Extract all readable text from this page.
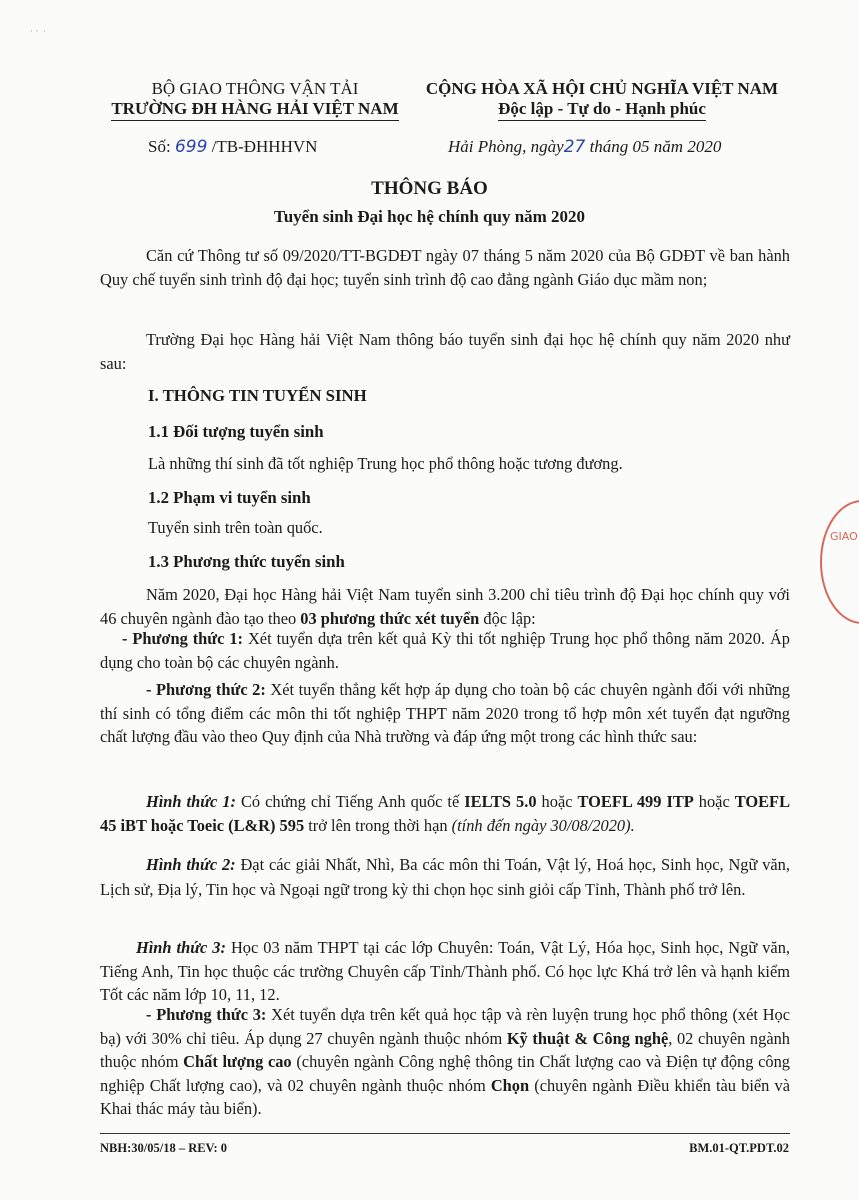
⋅ ⋅  ⋅
BỘ GIAO THÔNG VẬN TẢI
TRƯỜNG ĐH HÀNG HẢI VIỆT NAM
CỘNG HÒA XÃ HỘI CHỦ NGHĨA VIỆT NAM
Độc lập - Tự do - Hạnh phúc
Số: 699 /TB-ĐHHHVN	Hải Phòng, ngày27 tháng 05 năm 2020
THÔNG BÁO
Tuyển sinh Đại học hệ chính quy năm 2020

Căn cứ Thông tư số 09/2020/TT-BGDĐT ngày 07 tháng 5 năm 2020 của Bộ GDĐT về ban hành Quy chế tuyển sinh trình độ đại học; tuyển sinh trình độ cao đẳng ngành Giáo dục mầm non;

Trường Đại học Hàng hải Việt Nam thông báo tuyển sinh đại học hệ chính quy năm 2020 như sau:

I. THÔNG TIN TUYỂN SINH
1.1 Đối tượng tuyển sinh
Là những thí sinh đã tốt nghiệp Trung học phổ thông hoặc tương đương.
1.2 Phạm vi tuyển sinh
Tuyển sinh trên toàn quốc.
1.3 Phương thức tuyển sinh

Năm 2020, Đại học Hàng hải Việt Nam tuyển sinh 3.200 chỉ tiêu trình độ Đại học chính quy với 46 chuyên ngành đào tạo theo 03 phương thức xét tuyển độc lập:

- Phương thức 1: Xét tuyển dựa trên kết quả Kỳ thi tốt nghiệp Trung học phổ thông năm 2020. Áp dụng cho toàn bộ các chuyên ngành.

- Phương thức 2: Xét tuyển thẳng kết hợp áp dụng cho toàn bộ các chuyên ngành đối với những thí sinh có tổng điểm các môn thi tốt nghiệp THPT năm 2020 trong tổ hợp môn xét tuyển đạt ngưỡng chất lượng đầu vào theo Quy định của Nhà trường và đáp ứng một trong các hình thức sau:

Hình thức 1: Có chứng chỉ Tiếng Anh quốc tế IELTS 5.0 hoặc TOEFL 499 ITP hoặc TOEFL 45 iBT hoặc Toeic (L&R) 595 trở lên trong thời hạn (tính đến ngày 30/08/2020).

Hình thức 2: Đạt các giải Nhất, Nhì, Ba các môn thi Toán, Vật lý, Hoá học, Sinh học, Ngữ văn, Lịch sử, Địa lý, Tin học và Ngoại ngữ trong kỳ thi chọn học sinh giỏi cấp Tỉnh, Thành phố trở lên.

Hình thức 3: Học 03 năm THPT tại các lớp Chuyên: Toán, Vật Lý, Hóa học, Sinh học, Ngữ văn, Tiếng Anh, Tin học thuộc các trường Chuyên cấp Tỉnh/Thành phố. Có học lực Khá trở lên và hạnh kiểm Tốt các năm lớp 10, 11, 12.

- Phương thức 3: Xét tuyển dựa trên kết quả học tập và rèn luyện trung học phổ thông (xét Học bạ) với 30% chỉ tiêu. Áp dụng 27 chuyên ngành thuộc nhóm Kỹ thuật & Công nghệ, 02 chuyên ngành thuộc nhóm Chất lượng cao (chuyên ngành Công nghệ thông tin Chất lượng cao và Điện tự động công nghiệp Chất lượng cao), và 02 chuyên ngành thuộc nhóm Chọn (chuyên ngành Điều khiển tàu biển và Khai thác máy tàu biển).

NBH:30/05/18 – REV: 0	BM.01-QT.PDT.02
GIAO
